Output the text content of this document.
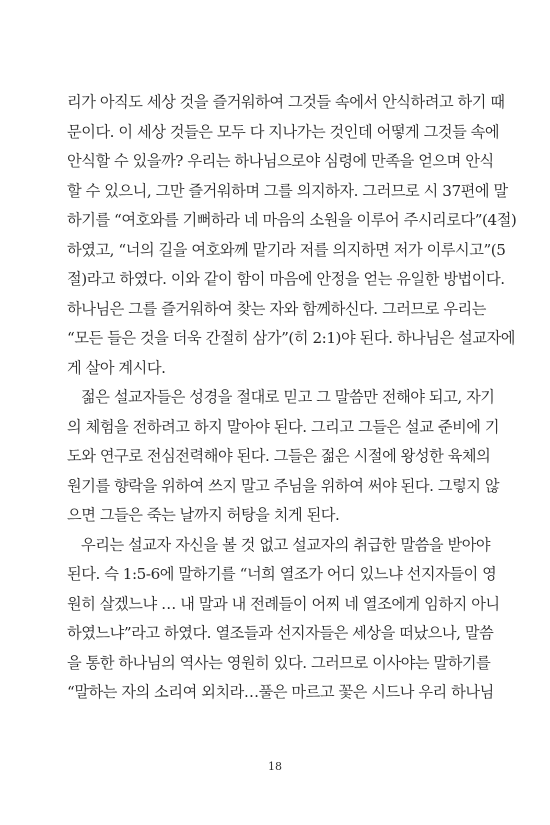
리가 아직도 세상 것을 즐거워하여 그것들 속에서 안식하려고 하기 때
문이다. 이 세상 것들은 모두 다 지나가는 것인데 어떻게 그것들 속에
안식할 수 있을까? 우리는 하나님으로야 심령에 만족을 얻으며 안식
할 수 있으니, 그만 즐거워하며 그를 의지하자. 그러므로 시 37편에 말
하기를 “여호와를 기뻐하라 네 마음의 소원을 이루어 주시리로다”(4절)
하였고, “너의 길을 여호와께 맡기라 저를 의지하면 저가 이루시고”(5
절)라고 하였다. 이와 같이 함이 마음에 안정을 얻는 유일한 방법이다.
하나님은 그를 즐거워하여 찾는 자와 함께하신다. 그러므로 우리는
“모든 들은 것을 더욱 간절히 삼가”(히 2:1)야 된다. 하나님은 설교자에
게 살아 계시다.
젊은 설교자들은 성경을 절대로 믿고 그 말씀만 전해야 되고, 자기
의 체험을 전하려고 하지 말아야 된다. 그리고 그들은 설교 준비에 기
도와 연구로 전심전력해야 된다. 그들은 젊은 시절에 왕성한 육체의
원기를 향락을 위하여 쓰지 말고 주님을 위하여 써야 된다. 그렇지 않
으면 그들은 죽는 날까지 허탕을 치게 된다.
우리는 설교자 자신을 볼 것 없고 설교자의 취급한 말씀을 받아야
된다. 슥 1:5-6에 말하기를 “너희 열조가 어디 있느냐 선지자들이 영
원히 살겠느냐 … 내 말과 내 전례들이 어찌 네 열조에게 임하지 아니
하였느냐”라고 하였다. 열조들과 선지자들은 세상을 떠났으나, 말씀
을 통한 하나님의 역사는 영원히 있다. 그러므로 이사야는 말하기를
“말하는 자의 소리여 외치라…풀은 마르고 꽃은 시드나 우리 하나님
18
